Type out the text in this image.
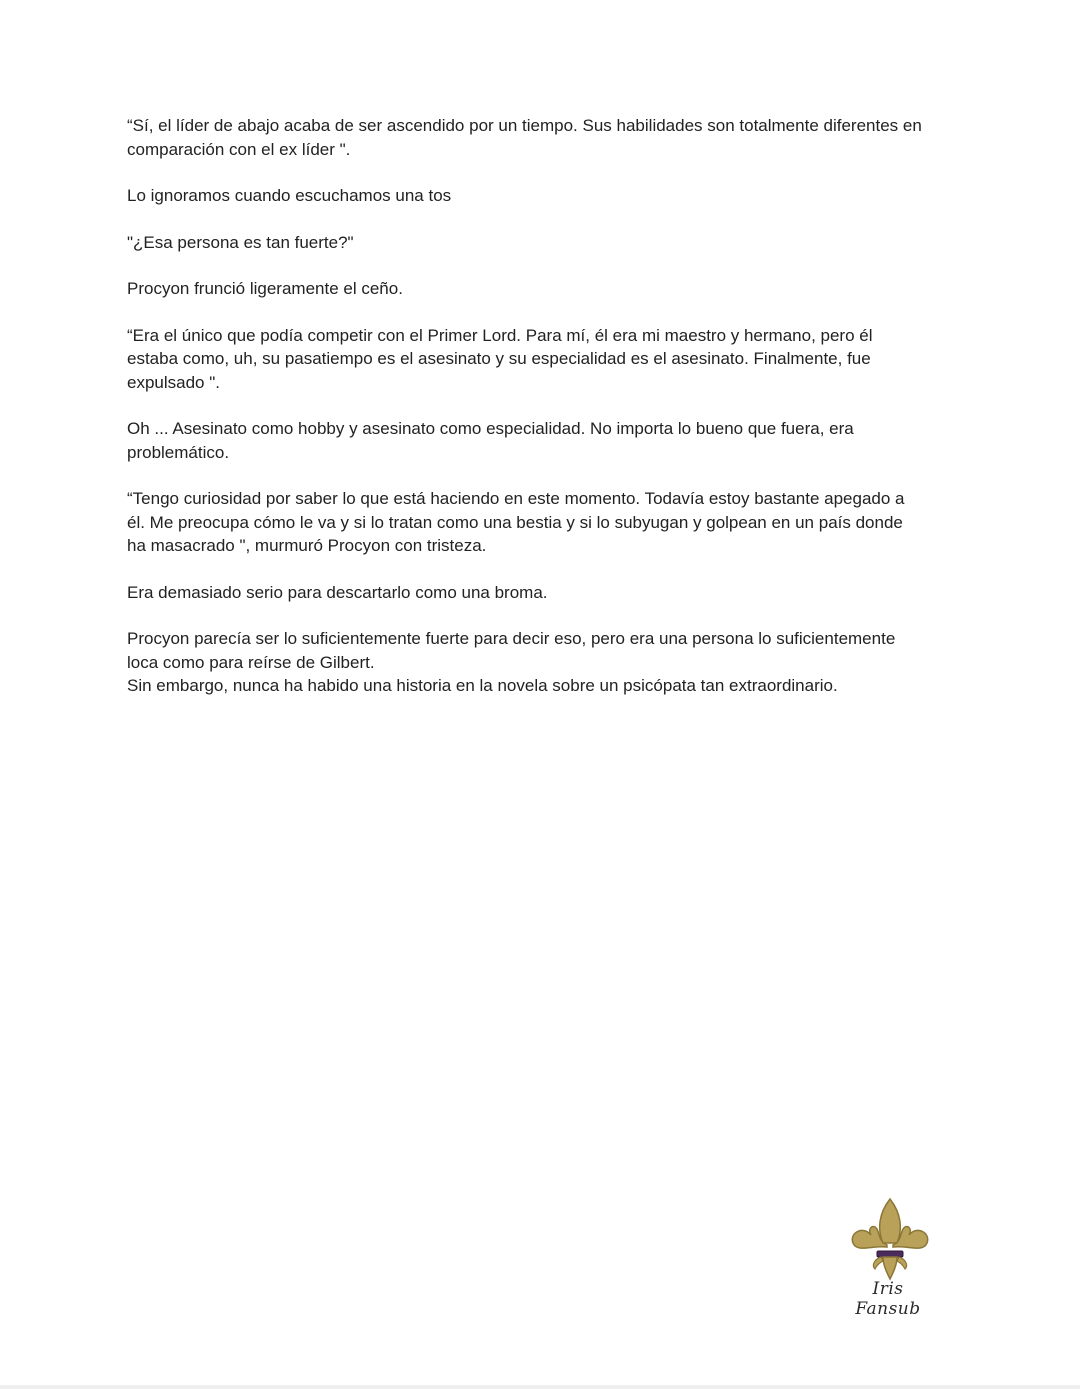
“Sí, el líder de abajo acaba de ser ascendido por un tiempo. Sus habilidades son totalmente diferentes en
comparación con el ex líder ".

Lo ignoramos cuando escuchamos una tos

"¿Esa persona es tan fuerte?"

Procyon frunció ligeramente el ceño.

“Era el único que podía competir con el Primer Lord. Para mí, él era mi maestro y hermano, pero él
estaba como, uh, su pasatiempo es el asesinato y su especialidad es el asesinato. Finalmente, fue
expulsado ".

Oh ... Asesinato como hobby y asesinato como especialidad. No importa lo bueno que fuera, era
problemático.

“Tengo curiosidad por saber lo que está haciendo en este momento. Todavía estoy bastante apegado a
él. Me preocupa cómo le va y si lo tratan como una bestia y si lo subyugan y golpean en un país donde
ha masacrado ", murmuró Procyon con tristeza.

Era demasiado serio para descartarlo como una broma.

Procyon parecía ser lo suficientemente fuerte para decir eso, pero era una persona lo suficientemente
loca como para reírse de Gilbert.
Sin embargo, nunca ha habido una historia en la novela sobre un psicópata tan extraordinario.

Iris Fansub
